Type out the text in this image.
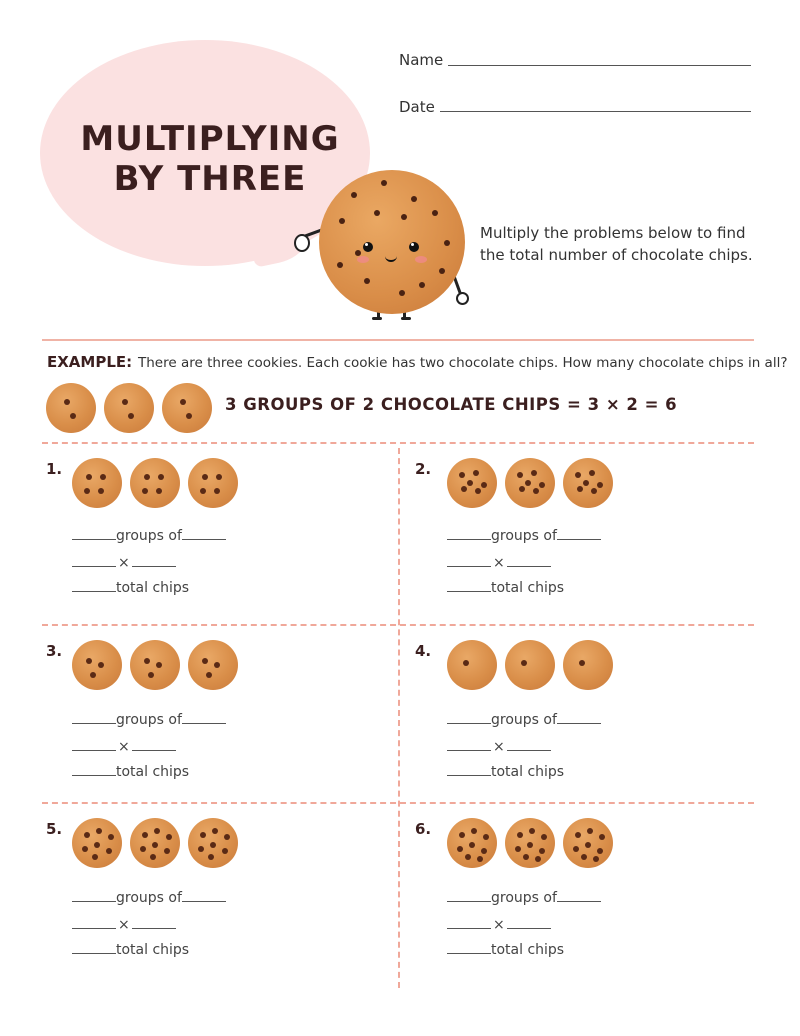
MULTIPLYING
BY THREE
Name
Date
Multiply the problems below to find the total number of chocolate chips.
EXAMPLE: There are three cookies. Each cookie has two chocolate chips. How many chocolate chips in all?
3 GROUPS OF 2 CHOCOLATE CHIPS = 3 × 2 = 6
1.
groups of
×
total chips
2.
groups of
×
total chips
3.
groups of
×
total chips
4.
groups of
×
total chips
5.
groups of
×
total chips
6.
groups of
×
total chips
